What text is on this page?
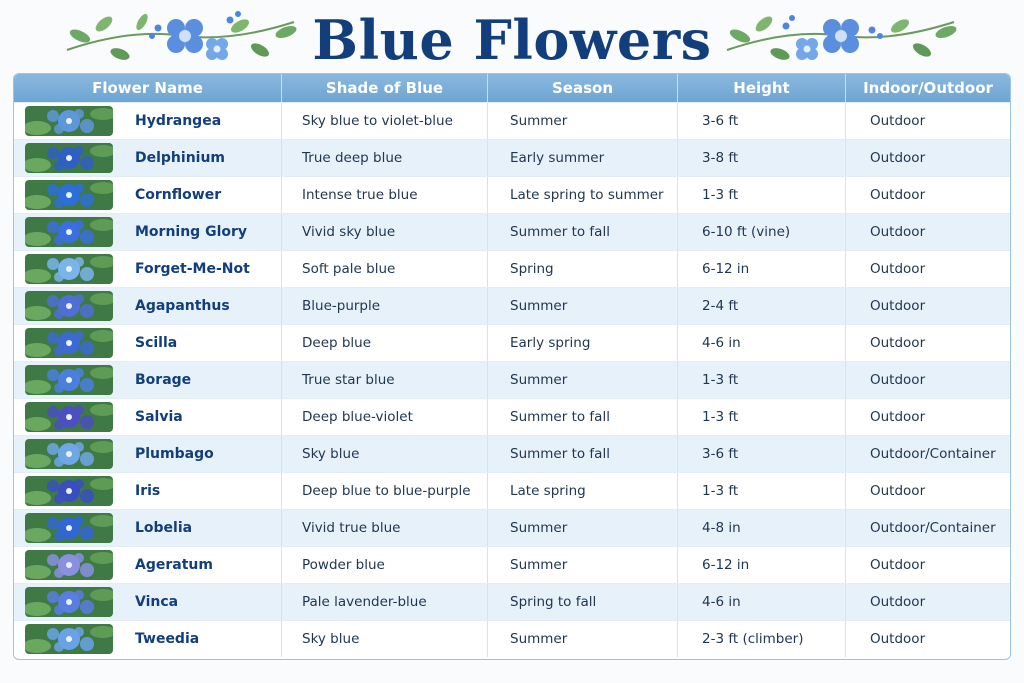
Blue Flowers
Flower Name	Shade of Blue	Season	Height	Indoor/Outdoor
Hydrangea	Sky blue to violet-blue	Summer	3-6 ft	Outdoor
Delphinium	True deep blue	Early summer	3-8 ft	Outdoor
Cornflower	Intense true blue	Late spring to summer	1-3 ft	Outdoor
Morning Glory	Vivid sky blue	Summer to fall	6-10 ft (vine)	Outdoor
Forget-Me-Not	Soft pale blue	Spring	6-12 in	Outdoor
Agapanthus	Blue-purple	Summer	2-4 ft	Outdoor
Scilla	Deep blue	Early spring	4-6 in	Outdoor
Borage	True star blue	Summer	1-3 ft	Outdoor
Salvia	Deep blue-violet	Summer to fall	1-3 ft	Outdoor
Plumbago	Sky blue	Summer to fall	3-6 ft	Outdoor/Container
Iris	Deep blue to blue-purple	Late spring	1-3 ft	Outdoor
Lobelia	Vivid true blue	Summer	4-8 in	Outdoor/Container
Ageratum	Powder blue	Summer	6-12 in	Outdoor
Vinca	Pale lavender-blue	Spring to fall	4-6 in	Outdoor
Tweedia	Sky blue	Summer	2-3 ft (climber)	Outdoor
